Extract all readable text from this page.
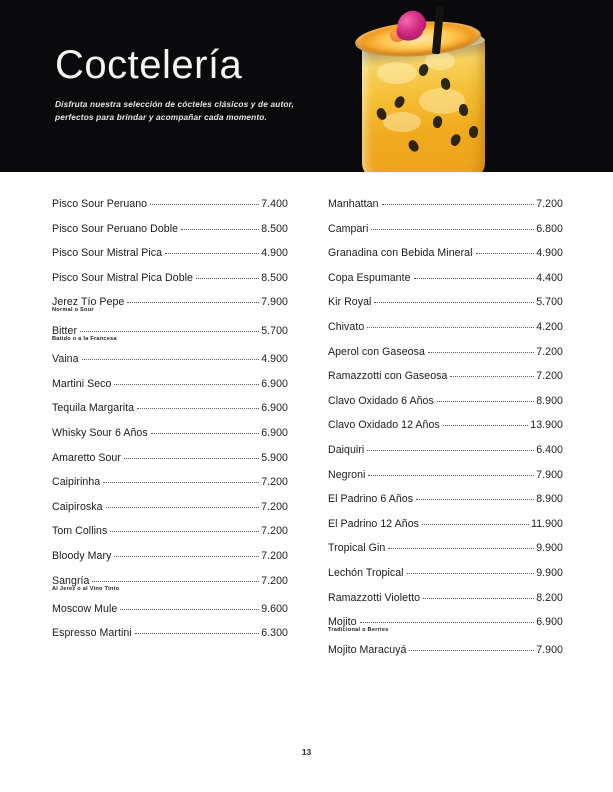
Coctelería
Disfruta nuestra selección de cócteles clásicos y de autor,
perfectos para brindar y acompañar cada momento.
Pisco Sour Peruano	7.400
Pisco Sour Peruano Doble	8.500
Pisco Sour Mistral Pica	4.900
Pisco Sour Mistral Pica Doble	8.500
Jerez Tío Pepe	7.900
Normal o Sour
Bitter	5.700
Batido o a la Francesa
Vaina	4.900
Martini Seco	6.900
Tequila Margarita	6.900
Whisky Sour 6 Años	6.900
Amaretto Sour	5.900
Caipirinha	7.200
Caipiroska	7.200
Tom Collins	7.200
Bloody Mary	7.200
Sangría	7.200
Al Jerez o al Vino Tinto
Moscow Mule	9.600
Espresso Martini	6.300
Manhattan	7.200
Campari	6.800
Granadina con Bebida Mineral	4.900
Copa Espumante	4.400
Kir Royal	5.700
Chivato	4.200
Aperol con Gaseosa	7.200
Ramazzotti con Gaseosa	7.200
Clavo Oxidado 6 Años	8.900
Clavo Oxidado 12 Años	13.900
Daiquiri	6.400
Negroni	7.900
El Padrino 6 Años	8.900
El Padrino 12 Años	11.900
Tropical Gin	9.900
Lechón Tropical	9.900
Ramazzotti Violetto	8.200
Mojito	6.900
Tradicional o Berries
Mojito Maracuyá	7.900
13
